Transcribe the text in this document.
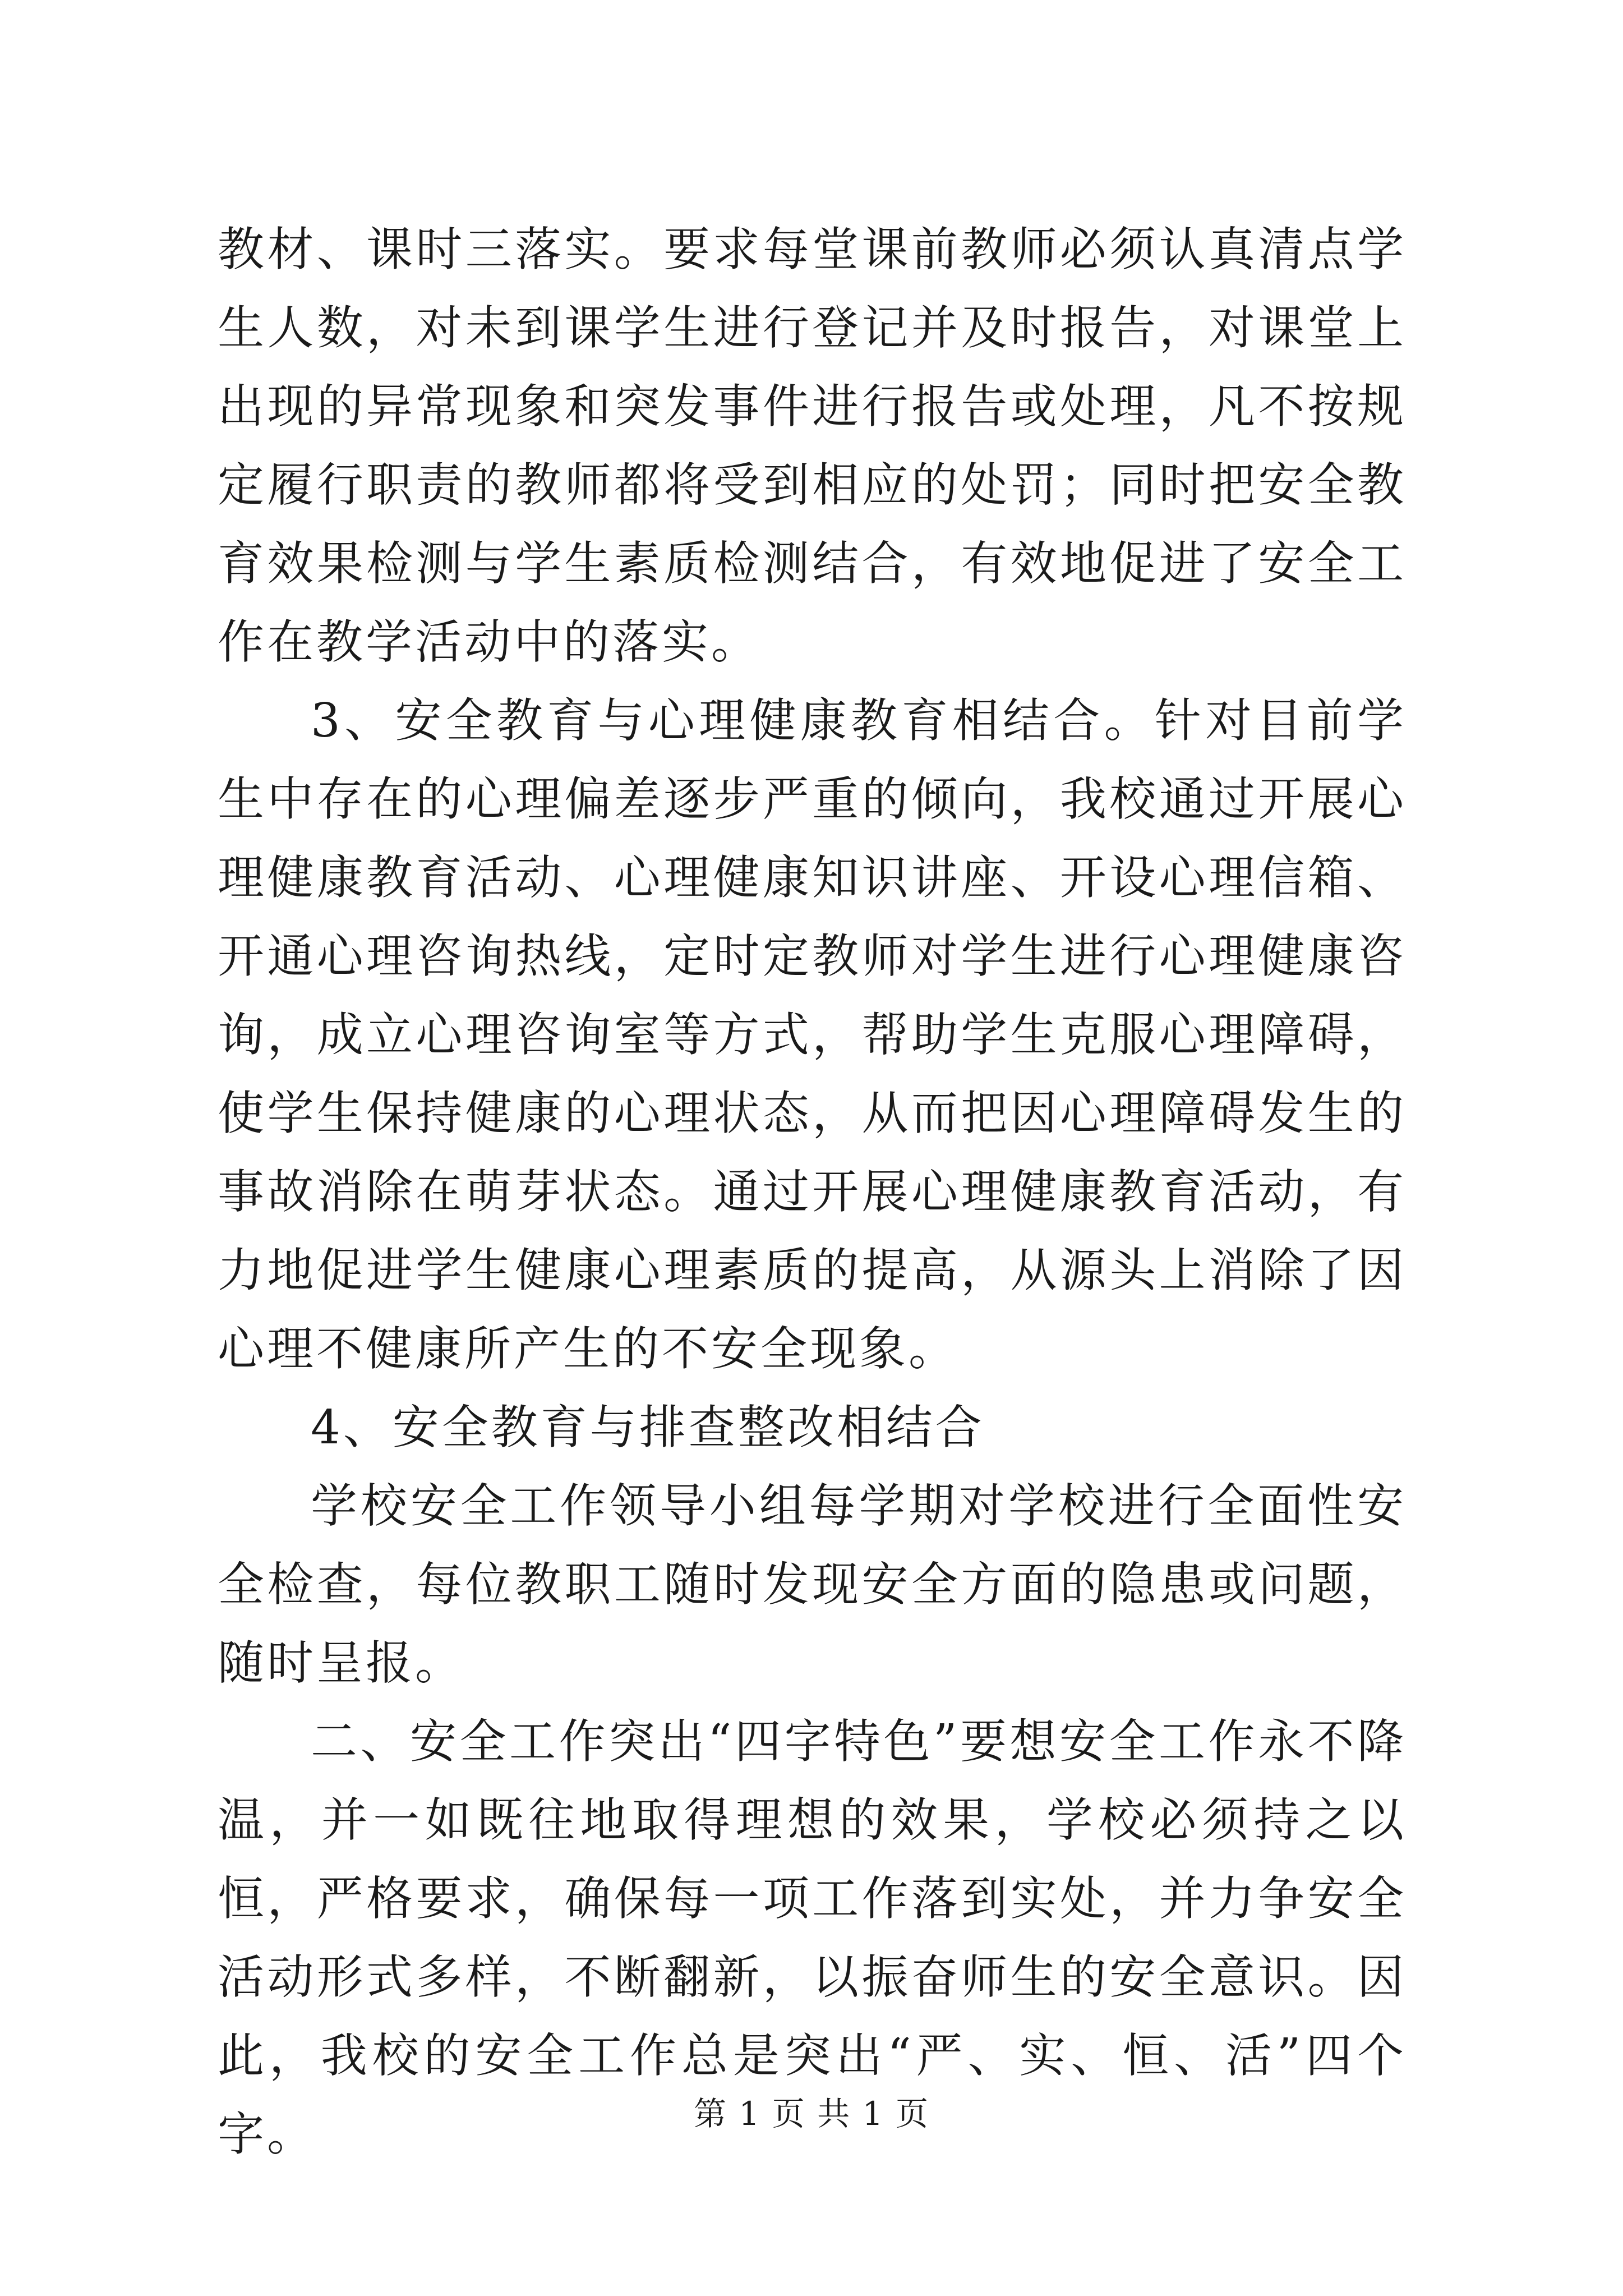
教材、课时三落实。要求每堂课前教师必须认真清点学生人数，对未到课学生进行登记并及时报告，对课堂上出现的异常现象和突发事件进行报告或处理，凡不按规定履行职责的教师都将受到相应的处罚；同时把安全教育效果检测与学生素质检测结合，有效地促进了安全工作在教学活动中的落实。

3、安全教育与心理健康教育相结合。针对目前学生中存在的心理偏差逐步严重的倾向，我校通过开展心理健康教育活动、心理健康知识讲座、开设心理信箱、开通心理咨询热线，定时定教师对学生进行心理健康咨询，成立心理咨询室等方式，帮助学生克服心理障碍，使学生保持健康的心理状态，从而把因心理障碍发生的事故消除在萌芽状态。通过开展心理健康教育活动，有力地促进学生健康心理素质的提高，从源头上消除了因心理不健康所产生的不安全现象。

4、安全教育与排查整改相结合

学校安全工作领导小组每学期对学校进行全面性安全检查，每位教职工随时发现安全方面的隐患或问题，随时呈报。

二、安全工作突出“四字特色”要想安全工作永不降温，并一如既往地取得理想的效果，学校必须持之以恒，严格要求，确保每一项工作落到实处，并力争安全活动形式多样，不断翻新，以振奋师生的安全意识。因此，我校的安全工作总是突出“严、实、恒、活”四个字。	第 1 页 共 1 页
